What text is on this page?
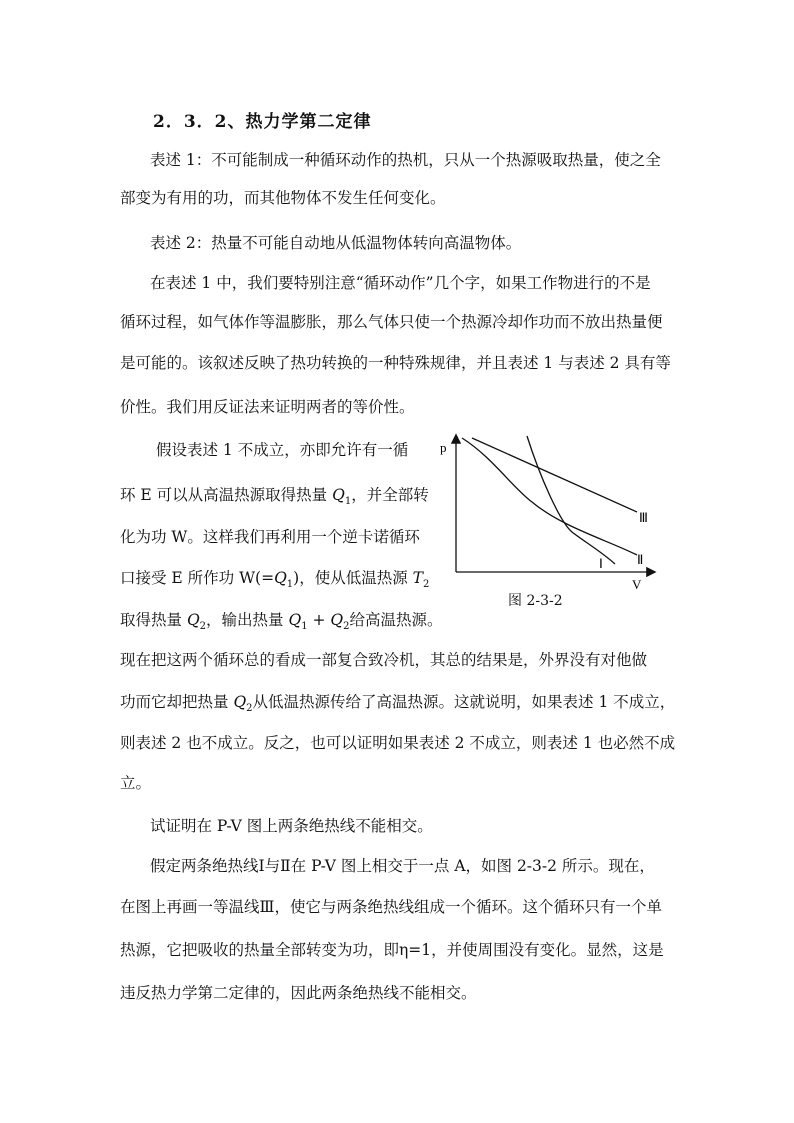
2．3．2、热力学第二定律
表述 1：不可能制成一种循环动作的热机，只从一个热源吸取热量，使之全
部变为有用的功，而其他物体不发生任何变化。
表述 2：热量不可能自动地从低温物体转向高温物体。
在表述 1 中，我们要特别注意“循环动作”几个字，如果工作物进行的不是
循环过程，如气体作等温膨胀，那么气体只使一个热源冷却作功而不放出热量便
是可能的。该叙述反映了热功转换的一种特殊规律，并且表述 1 与表述 2 具有等
价性。我们用反证法来证明两者的等价性。
假设表述 1 不成立，亦即允许有一循
环 E 可以从高温热源取得热量 $Q_1$，并全部转
化为功 W。这样我们再利用一个逆卡诺循环
口接受 E 所作功 $W(=Q_1)$，使从低温热源 $T_2$
取得热量 $Q_2$，输出热量 $Q_1 + Q_2$给高温热源。
现在把这两个循环总的看成一部复合致冷机，其总的结果是，外界没有对他做
功而它却把热量 $Q_2$从低温热源传给了高温热源。这就说明，如果表述 1 不成立，
则表述 2 也不成立。反之，也可以证明如果表述 2 不成立，则表述 1 也必然不成
立。
试证明在 P-V 图上两条绝热线不能相交。
假定两条绝热线Ⅰ与Ⅱ在 P-V 图上相交于一点 A，如图 2-3-2 所示。现在，
在图上再画一等温线Ⅲ，使它与两条绝热线组成一个循环。这个循环只有一个单
热源，它把吸收的热量全部转变为功，即η=1，并使周围没有变化。显然，这是
违反热力学第二定律的，因此两条绝热线不能相交。
p
V
Ⅰ	Ⅱ
Ⅲ
图 2-3-2
